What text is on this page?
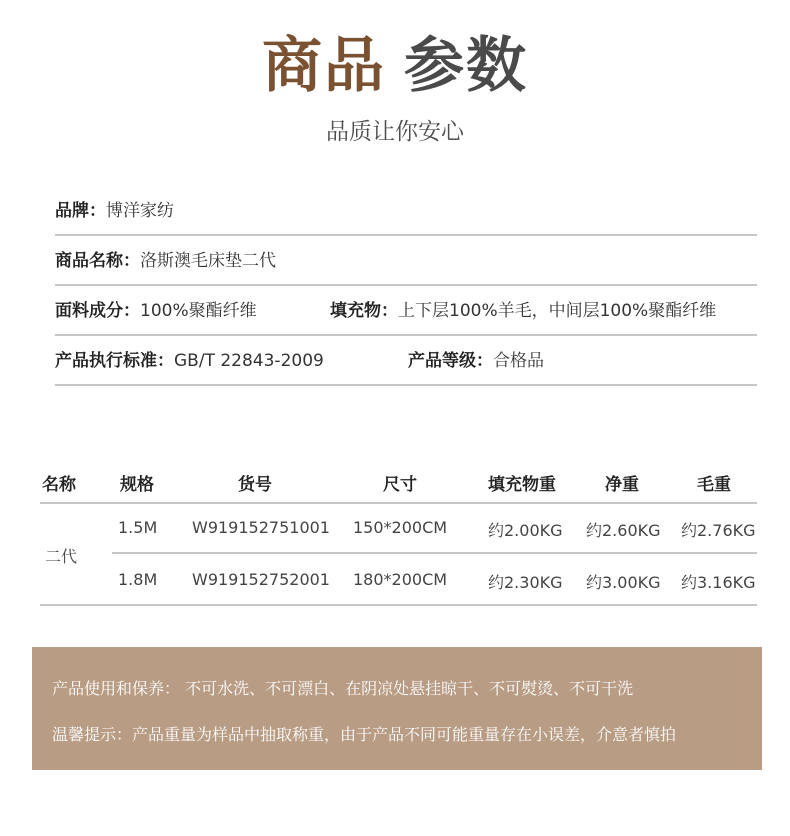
商品 参数
品质让你安心
品牌：博洋家纺
商品名称：洛斯澳毛床垫二代
面料成分：100%聚酯纤维	填充物：上下层100%羊毛，中间层100%聚酯纤维
产品执行标准：GB/T 22843-2009	产品等级：合格品
名称	规格	货号	尺寸	填充物重	净重	毛重
二代
1.5M W919152751001 150*200CM	约2.00KG 约2.60KG 约2.76KG
1.8M W919152752001 180*200CM	约2.30KG 约3.00KG 约3.16KG
产品使用和保养： 不可水洗、不可漂白、在阴凉处悬挂晾干、不可熨烫、不可干洗
温馨提示：产品重量为样品中抽取称重，由于产品不同可能重量存在小误差，介意者慎拍
